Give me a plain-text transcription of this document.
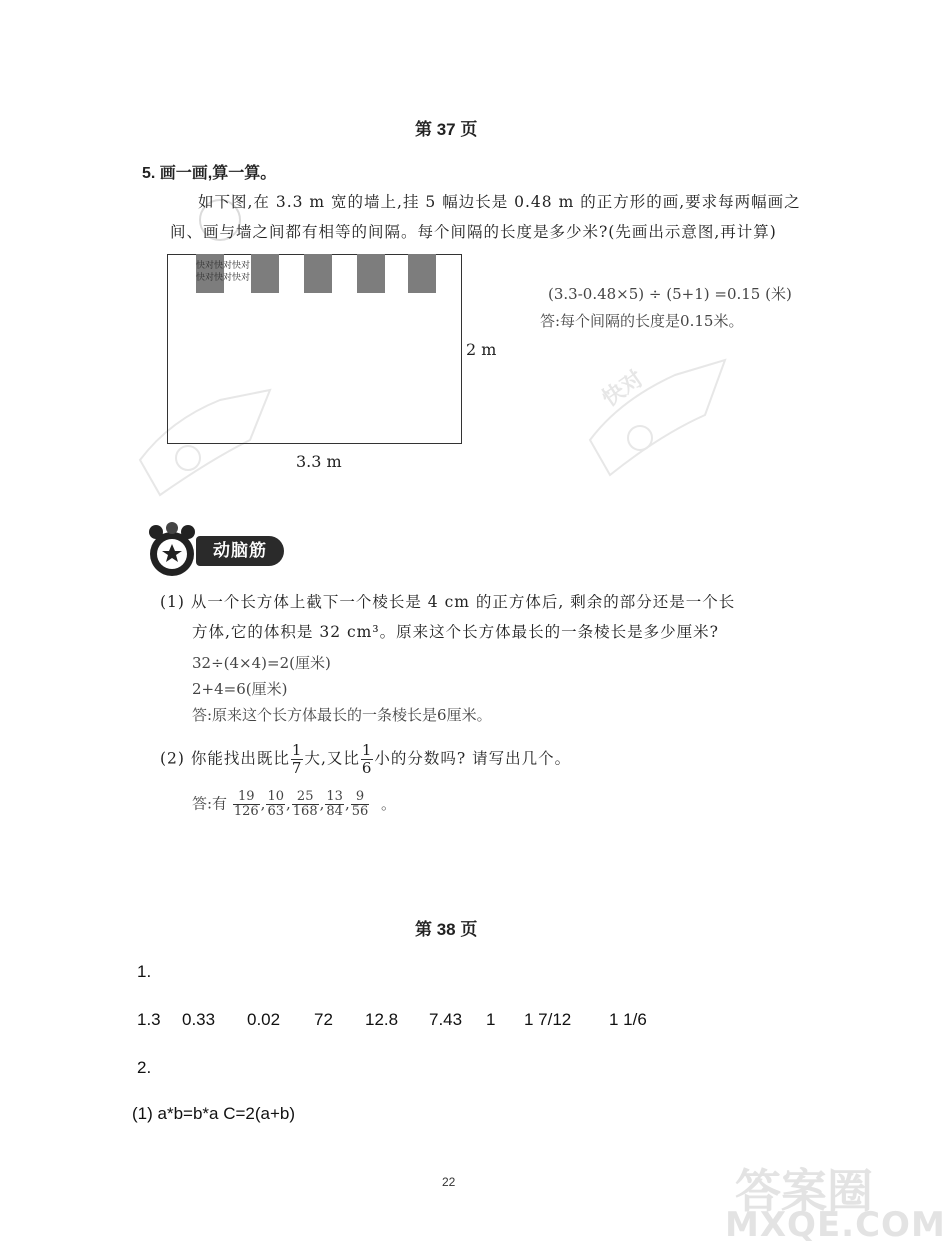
第 37 页
5. 画一画,算一算。
如下图,在 3.3 m 宽的墙上,挂 5 幅边长是 0.48 m 的正方形的画,要求每两幅画之
间、画与墙之间都有相等的间隔。每个间隔的长度是多少米?(先画出示意图,再计算)
快对快对快对
快对快对快对
2 m
3.3 m
(3.3-0.48×5) ÷ (5+1) =0.15 (米)
答:每个间隔的长度是0.15米。
动脑筋
(1) 从一个长方体上截下一个棱长是 4 cm 的正方体后, 剩余的部分还是一个长
方体,它的体积是 32 cm³。原来这个长方体最长的一条棱长是多少厘米?
32÷(4×4)=2(厘米)
2+4=6(厘米)
答:原来这个长方体最长的一条棱长是6厘米。
(2) 你能找出既比 $\frac{1}{7}$ 大,又比 $\frac{1}{6}$ 小的分数吗? 请写出几个。
答:有 $\frac{19}{126}$ , $\frac{10}{63}$ , $\frac{25}{168}$ , $\frac{13}{84}$ , $\frac{9}{56}$ 。
第 38 页
1.
1.3 0.33 0.02 72 12.8 7.43 1 1 7/12 1 1/6
2.
(1) a*b=b*a C=2(a+b)
22	答案圈
MXQE.COM
快对
